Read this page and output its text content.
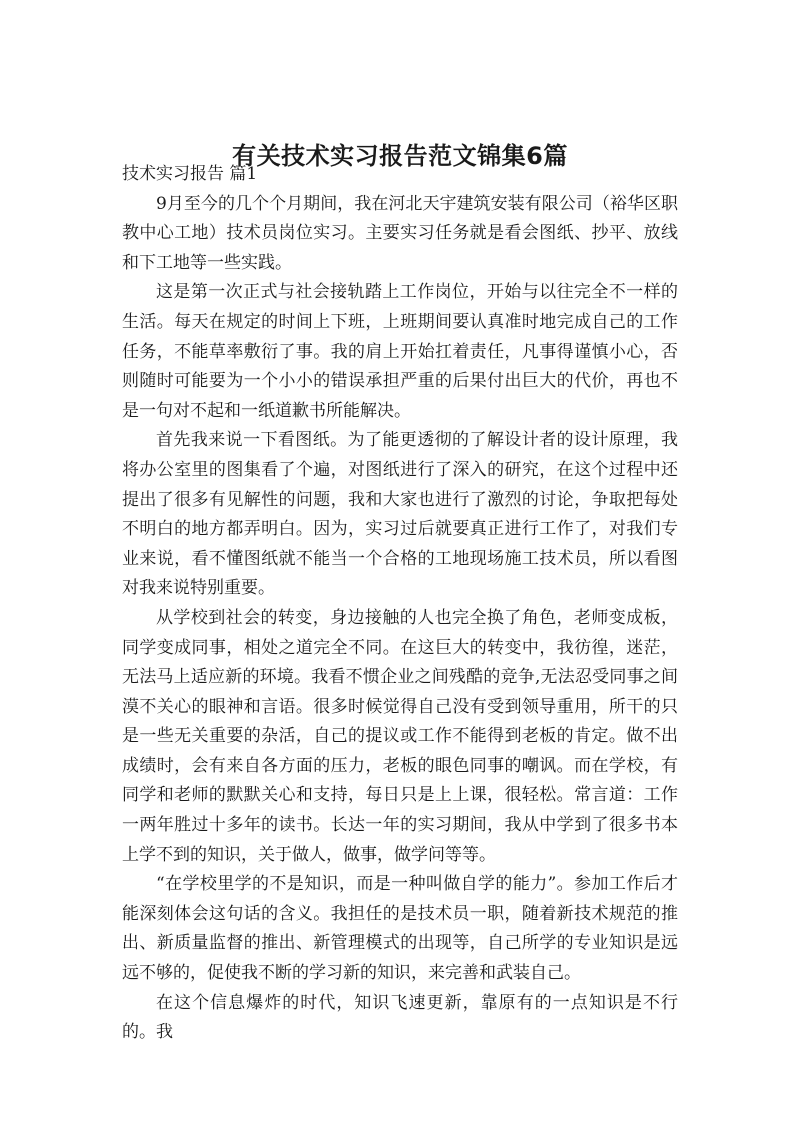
有关技术实习报告范文锦集6篇

技术实习报告 篇1

9月至今的几个个月期间，我在河北天宇建筑安装有限公司（裕华区职教中心工地）技术员岗位实习。主要实习任务就是看会图纸、抄平、放线和下工地等一些实践。

这是第一次正式与社会接轨踏上工作岗位，开始与以往完全不一样的生活。每天在规定的时间上下班，上班期间要认真准时地完成自己的工作任务，不能草率敷衍了事。我的肩上开始扛着责任，凡事得谨慎小心，否则随时可能要为一个小小的错误承担严重的后果付出巨大的代价，再也不是一句对不起和一纸道歉书所能解决。

首先我来说一下看图纸。为了能更透彻的了解设计者的设计原理，我将办公室里的图集看了个遍，对图纸进行了深入的研究，在这个过程中还提出了很多有见解性的问题，我和大家也进行了激烈的讨论，争取把每处不明白的地方都弄明白。因为，实习过后就要真正进行工作了，对我们专业来说，看不懂图纸就不能当一个合格的工地现场施工技术员，所以看图对我来说特别重要。

从学校到社会的转变，身边接触的人也完全换了角色，老师变成板，同学变成同事，相处之道完全不同。在这巨大的转变中，我彷徨，迷茫，无法马上适应新的环境。我看不惯企业之间残酷的竞争,无法忍受同事之间漠不关心的眼神和言语。很多时候觉得自己没有受到领导重用，所干的只是一些无关重要的杂活，自己的提议或工作不能得到老板的肯定。做不出成绩时，会有来自各方面的压力，老板的眼色同事的嘲讽。而在学校，有同学和老师的默默关心和支持，每日只是上上课，很轻松。常言道：工作一两年胜过十多年的读书。长达一年的实习期间，我从中学到了很多书本上学不到的知识，关于做人，做事，做学问等等。

“在学校里学的不是知识，而是一种叫做自学的能力”。参加工作后才能深刻体会这句话的含义。我担任的是技术员一职，随着新技术规范的推出、新质量监督的推出、新管理模式的出现等，自己所学的专业知识是远远不够的，促使我不断的学习新的知识，来完善和武装自己。

在这个信息爆炸的时代，知识飞速更新，靠原有的一点知识是不行的。我
